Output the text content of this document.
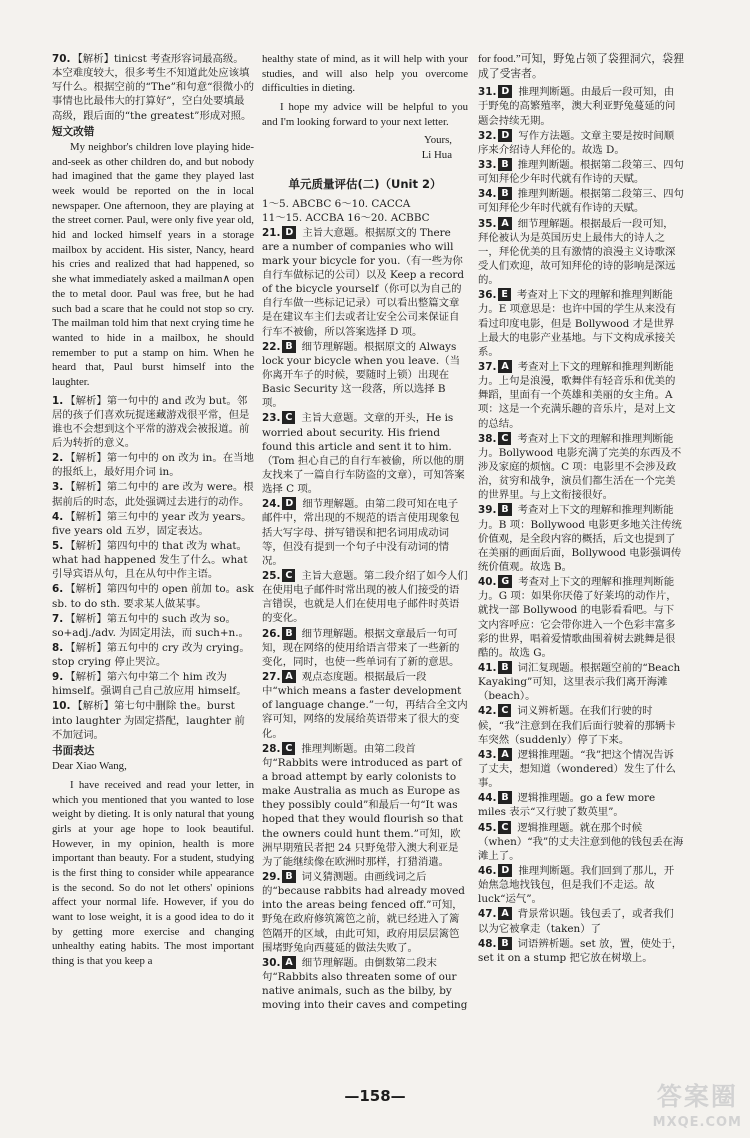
70. 【解析】tinicst 考查形容词最高级。本空难度较大，很多考生不知道此处应该填写什么。根据空前的“The”和句意“很微小的事情也比最伟大的打算好”，空白处要填最高级，跟后面的“the greatest”形成对照。
短文改错
My neighbor's children love playing hide-and-seek as other children do, and but nobody had imagined that the game they played last week would be reported on the in local newspaper. One afternoon, they are playing at the street corner. Paul, were only five year old, hid and locked himself years in a storage mailbox by accident. His sister, Nancy, heard his cries and realized that had happened, so she what immediately asked a mailman∧ open the to metal door. Paul was free, but he had such bad a scare that he could not stop so cry. The mailman told him that next crying time he wanted to hide in a mailbox, he should remember to put a stamp on him. When he heard that, Paul burst himself into the laughter.
1. 【解析】第一句中的 and 改为 but。邻居的孩子们喜欢玩捉迷藏游戏很平常，但是谁也不会想到这个平常的游戏会被报道。前后为转折的意义。
2. 【解析】第一句中的 on 改为 in。在当地的报纸上，最好用介词 in。
3. 【解析】第二句中的 are 改为 were。根据前后的时态，此处强调过去进行的动作。
4. 【解析】第三句中的 year 改为 years。five years old 五岁，固定表达。
5. 【解析】第四句中的 that 改为 what。what had happened 发生了什么。what 引导宾语从句，且在从句中作主语。
6. 【解析】第四句中的 open 前加 to。ask sb. to do sth. 要求某人做某事。
7. 【解析】第五句中的 such 改为 so。so+adj./adv. 为固定用法，而 such+n.。
8. 【解析】第五句中的 cry 改为 crying。stop crying 停止哭泣。
9. 【解析】第六句中第二个 him 改为 himself。强调自己自己放应用 himself。
10. 【解析】第七句中删除 the。burst into laughter 为固定搭配，laughter 前不加冠词。
书面表达
Dear Xiao Wang,
I have received and read your letter, in which you mentioned that you wanted to lose weight by dieting. It is only natural that young girls at your age hope to look beautiful. However, in my opinion, health is more important than beauty. For a student, studying is the first thing to consider while appearance is the second. So do not let others' opinions affect your normal life. However, if you do want to lose weight, it is a good idea to do it by getting more exercise and changing unhealthy eating habits. The most important thing is that you keep a
healthy state of mind, as it will help with your studies, and will also help you overcome difficulties in dieting.
I hope my advice will be helpful to you and I'm looking forward to your next letter.
Yours,
Li Hua
单元质量评估(二)（Unit 2）
1～5. ABCBC 6～10. CACCA
11～15. ACCBA 16～20. ACBBC
21. D 主旨大意题。根据原文的 There are a number of companies who will mark your bicycle for you.（有一些为你自行车做标记的公司）以及 Keep a record of the bicycle yourself（你可以为自己的自行车做一些标记记录）可以看出整篇文章是在建议车主们去或者让安全公司来保证自行车不被偷，所以答案选择 D 项。
22. B 细节理解题。根据原文的 Always lock your bicycle when you leave.（当你离开车子的时候，要随时上锁）出现在 Basic Security 这一段落，所以选择 B 项。
23. C 主旨大意题。文章的开头，He is worried about security. His friend found this article and sent it to him.（Tom 担心自己的自行车被偷，所以他的朋友找来了一篇自行车防盗的文章），可知答案选择 C 项。
24. D 细节理解题。由第二段可知在电子邮件中，常出现的不规范的语言使用现象包括大写字母、拼写错误和把名词用成动词等，但没有提到一个句子中没有动词的情况。
25. C 主旨大意题。第二段介绍了如今人们在使用电子邮件时常出现的被人们接受的语言错误，也就是人们在使用电子邮件时英语的变化。
26. B 细节理解题。根据文章最后一句可知，现在网络的使用给语言带来了一些新的变化，同时，也使一些单词有了新的意思。
27. A 观点态度题。根据最后一段中“which means a faster development of language change.”一句，再结合全文内容可知，网络的发展给英语带来了很大的变化。
28. C 推理判断题。由第二段首句“Rabbits were introduced as part of a broad attempt by early colonists to make Australia as much as Europe as they possibly could”和最后一句“It was hoped that they would flourish so that the owners could hunt them.”可知，欧洲早期殖民者把 24 只野兔带入澳大利亚是为了能继续像在欧洲时那样，打猎消遣。
29. B 词义猜测题。由画线词之后的“because rabbits had already moved into the areas being fenced off.”可知，野兔在政府修筑篱笆之前，就已经进入了篱笆隔开的区域，由此可知，政府用层层篱笆围堵野兔向西蔓延的做法失败了。
30. A 细节理解题。由倒数第二段末句“Rabbits also threaten some of our native animals, such as the bilby, by moving into their caves and competing
for food.”可知，野兔占领了袋狸洞穴，袋狸成了受害者。
31. D 推理判断题。由最后一段可知，由于野兔的高繁殖率，澳大利亚野兔蔓延的问题会持续无期。
32. D 写作方法题。文章主要是按时间顺序来介绍诗人拜伦的。故选 D。
33. B 推理判断题。根据第二段第三、四句可知拜伦少年时代就有作诗的天赋。
34. B 推理判断题。根据第二段第三、四句可知拜伦少年时代就有作诗的天赋。
35. A 细节理解题。根据最后一段可知，拜伦被认为是英国历史上最伟大的诗人之一，拜伦优美的且有激情的浪漫主义诗歌深受人们欢迎，故可知拜伦的诗的影响是深远的。
36. E 考查对上下文的理解和推理判断能力。E 项意思是：也许中国的学生从来没有看过印度电影，但是 Bollywood 才是世界上最大的电影产业基地。与下文构成承接关系。
37. A 考查对上下文的理解和推理判断能力。上句是浪漫，歌舞伴有轻音乐和优美的舞蹈，里面有一个英雄和美丽的女主角。A 项：这是一个充满乐趣的音乐片，是对上文的总结。
38. C 考查对上下文的理解和推理判断能力。Bollywood 电影充满了完美的东西及不涉及家庭的烦恼。C 项：电影里不会涉及政治，贫穷和战争，演员们都生活在一个完美的世界里。与上文衔接很好。
39. B 考查对上下文的理解和推理判断能力。B 项：Bollywood 电影更多地关注传统价值观，是全段内容的概括，后文也提到了在美丽的画面后面，Bollywood 电影强调传统价值观。故选 B。
40. G 考查对上下文的理解和推理判断能力。G 项：如果你厌倦了好莱坞的动作片，就找一部 Bollywood 的电影看看吧。与下文内容呼应：它会带你进入一个色彩丰富多彩的世界，唱着爱情歌曲围着树去跳舞是很酷的。故选 G。
41. B 词汇复现题。根据题空前的“Beach Kayaking”可知，这里表示我们离开海滩（beach）。
42. C 词义辨析题。在我们行驶的时候，“我”注意到在我们后面行驶着的那辆卡车突然（suddenly）停了下来。
43. A 逻辑推理题。“我”把这个情况告诉了丈夫，想知道（wondered）发生了什么事。
44. B 逻辑推理题。go a few more miles 表示“又行驶了数英里”。
45. C 逻辑推理题。就在那个时候（when）“我”的丈夫注意到他的钱包丢在海滩上了。
46. D 推理判断题。我们回到了那儿，开始焦急地找钱包，但是我们不走运。故 luck“运气”。
47. A 背景常识题。钱包丢了，或者我们以为它被拿走（taken）了
48. B 词语辨析题。set 放，置，使处于，set it on a stump 把它放在树墩上。
—158—	答案圈
MXQE.COM
